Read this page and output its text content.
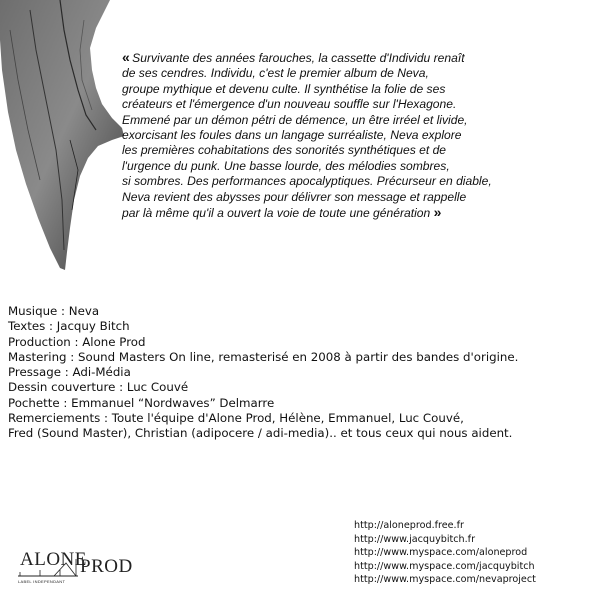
« Survivante des années farouches, la cassette d'Individu renaît
de ses cendres. Individu, c'est le premier album de Neva,
groupe mythique et devenu culte. Il synthétise la folie de ses
créateurs et l'émergence d'un nouveau souffle sur l'Hexagone.
Emmené par un démon pétri de démence, un être irréel et livide,
exorcisant les foules dans un langage surréaliste, Neva explore
les premières cohabitations des sonorités synthétiques et de
l'urgence du punk. Une basse lourde, des mélodies sombres,
si sombres. Des performances apocalyptiques. Précurseur en diable,
Neva revient des abysses pour délivrer son message et rappelle
par là même qu'il a ouvert la voie de toute une génération »
Musique : Neva
Textes : Jacquy Bitch
Production : Alone Prod
Mastering : Sound Masters On line, remasterisé en 2008 à partir des bandes d'origine.
Pressage : Adi-Média
Dessin couverture : Luc Couvé
Pochette : Emmanuel “Nordwaves” Delmarre
Remerciements : Toute l'équipe d'Alone Prod, Hélène, Emmanuel, Luc Couvé,
Fred (Sound Master), Christian (adipocere / adi-media).. et tous ceux qui nous aident.
ALONE
PROD
LABEL INDEPENDANT
http://aloneprod.free.fr
http://www.jacquybitch.fr
http://www.myspace.com/aloneprod
http://www.myspace.com/jacquybitch
http://www.myspace.com/nevaproject
